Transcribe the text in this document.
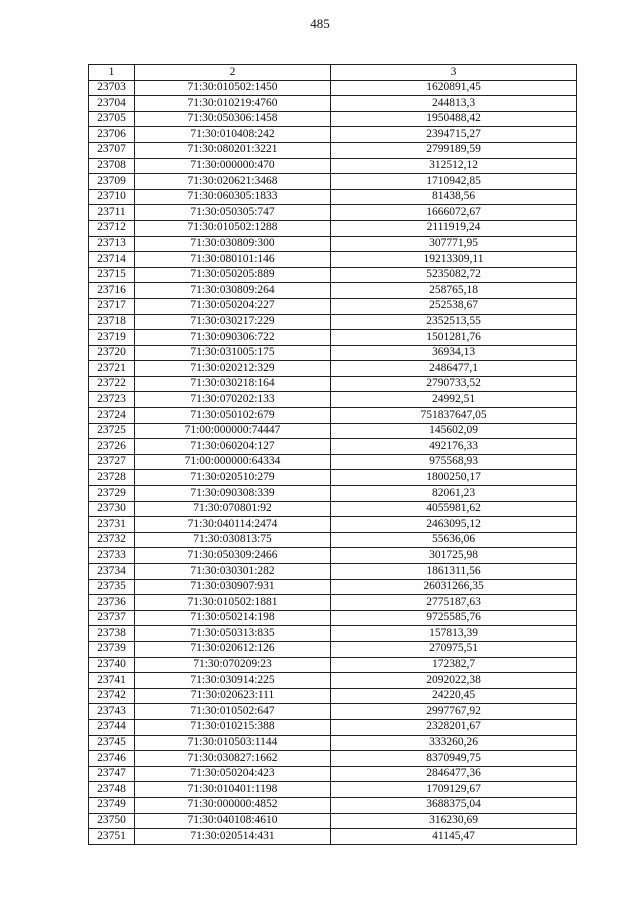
485
1	2	3
23703	71:30:010502:1450	1620891,45
23704	71:30:010219:4760	244813,3
23705	71:30:050306:1458	1950488,42
23706	71:30:010408:242	2394715,27
23707	71:30:080201:3221	2799189,59
23708	71:30:000000:470	312512,12
23709	71:30:020621:3468	1710942,85
23710	71:30:060305:1833	81438,56
23711	71:30:050305:747	1666072,67
23712	71:30:010502:1288	2111919,24
23713	71:30:030809:300	307771,95
23714	71:30:080101:146	19213309,11
23715	71:30:050205:889	5235082,72
23716	71:30:030809:264	258765,18
23717	71:30:050204:227	252538,67
23718	71:30:030217:229	2352513,55
23719	71:30:090306:722	1501281,76
23720	71:30:031005:175	36934,13
23721	71:30:020212:329	2486477,1
23722	71:30:030218:164	2790733,52
23723	71:30:070202:133	24992,51
23724	71:30:050102:679	751837647,05
23725	71:00:000000:74447	145602,09
23726	71:30:060204:127	492176,33
23727	71:00:000000:64334	975568,93
23728	71:30:020510:279	1800250,17
23729	71:30:090308:339	82061,23
23730	71:30:070801:92	4055981,62
23731	71:30:040114:2474	2463095,12
23732	71:30:030813:75	55636,06
23733	71:30:050309:2466	301725,98
23734	71:30:030301:282	1861311,56
23735	71:30:030907:931	26031266,35
23736	71:30:010502:1881	2775187,63
23737	71:30:050214:198	9725585,76
23738	71:30:050313:835	157813,39
23739	71:30:020612:126	270975,51
23740	71:30:070209:23	172382,7
23741	71:30:030914:225	2092022,38
23742	71:30:020623:111	24220,45
23743	71:30:010502:647	2997767,92
23744	71:30:010215:388	2328201,67
23745	71:30:010503:1144	333260,26
23746	71:30:030827:1662	8370949,75
23747	71:30:050204:423	2846477,36
23748	71:30:010401:1198	1709129,67
23749	71:30:000000:4852	3688375,04
23750	71:30:040108:4610	316230,69
23751	71:30:020514:431	41145,47
